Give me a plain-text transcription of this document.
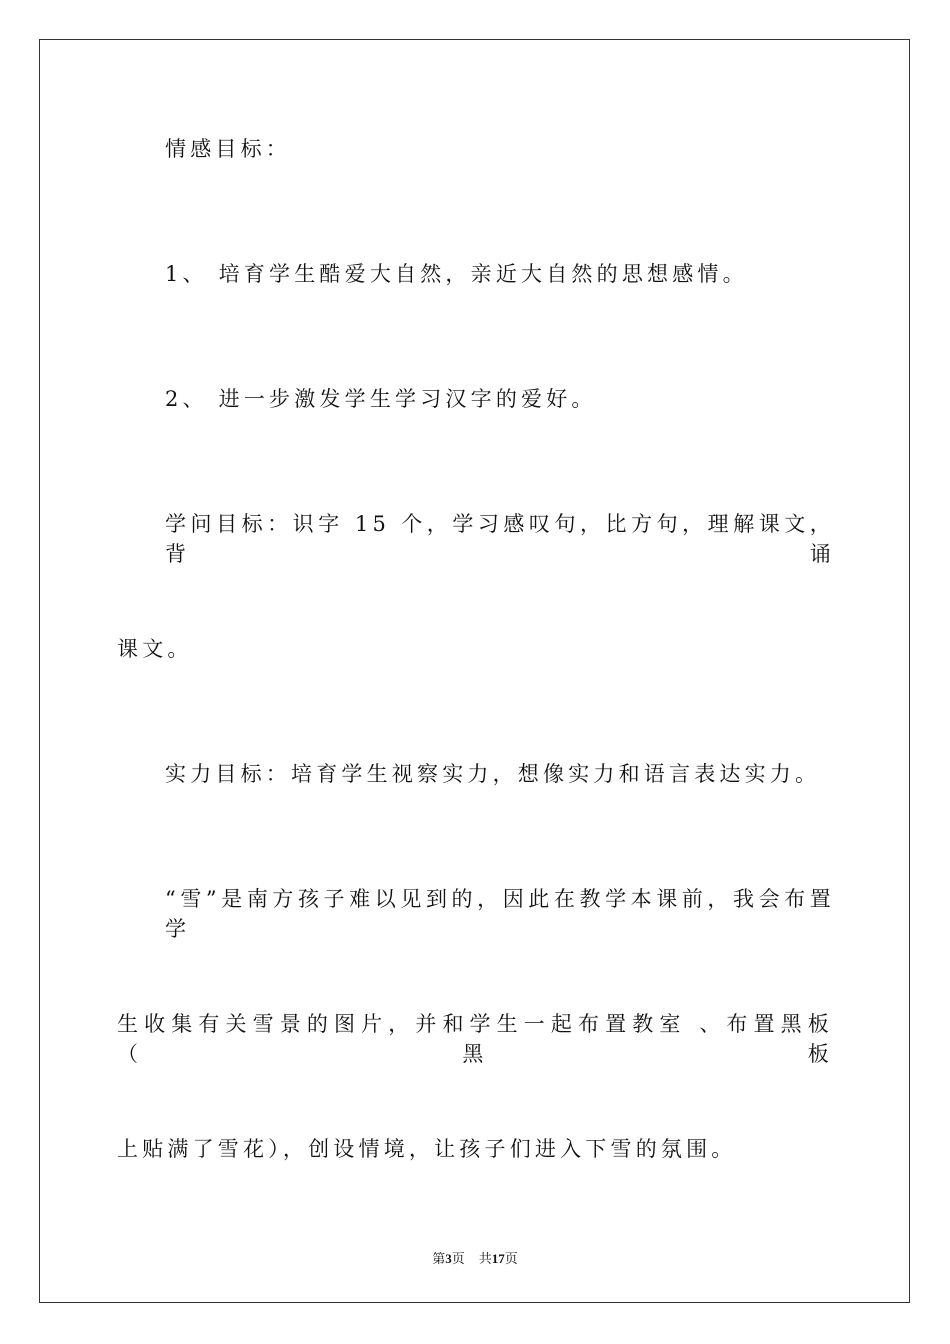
情感目标：
1、 培育学生酷爱大自然，亲近大自然的思想感情。
2、 进一步激发学生学习汉字的爱好。
学问目标：识字 15 个，学习感叹句，比方句，理解课文，背诵
课文。
实力目标：培育学生视察实力，想像实力和语言表达实力。
“雪”是南方孩子难以见到的，因此在教学本课前，我会布置学
生收集有关雪景的图片，并和学生一起布置教室 、布置黑板（黑板
上贴满了雪花），创设情境，让孩子们进入下雪的氛围。
第3页 共17页
